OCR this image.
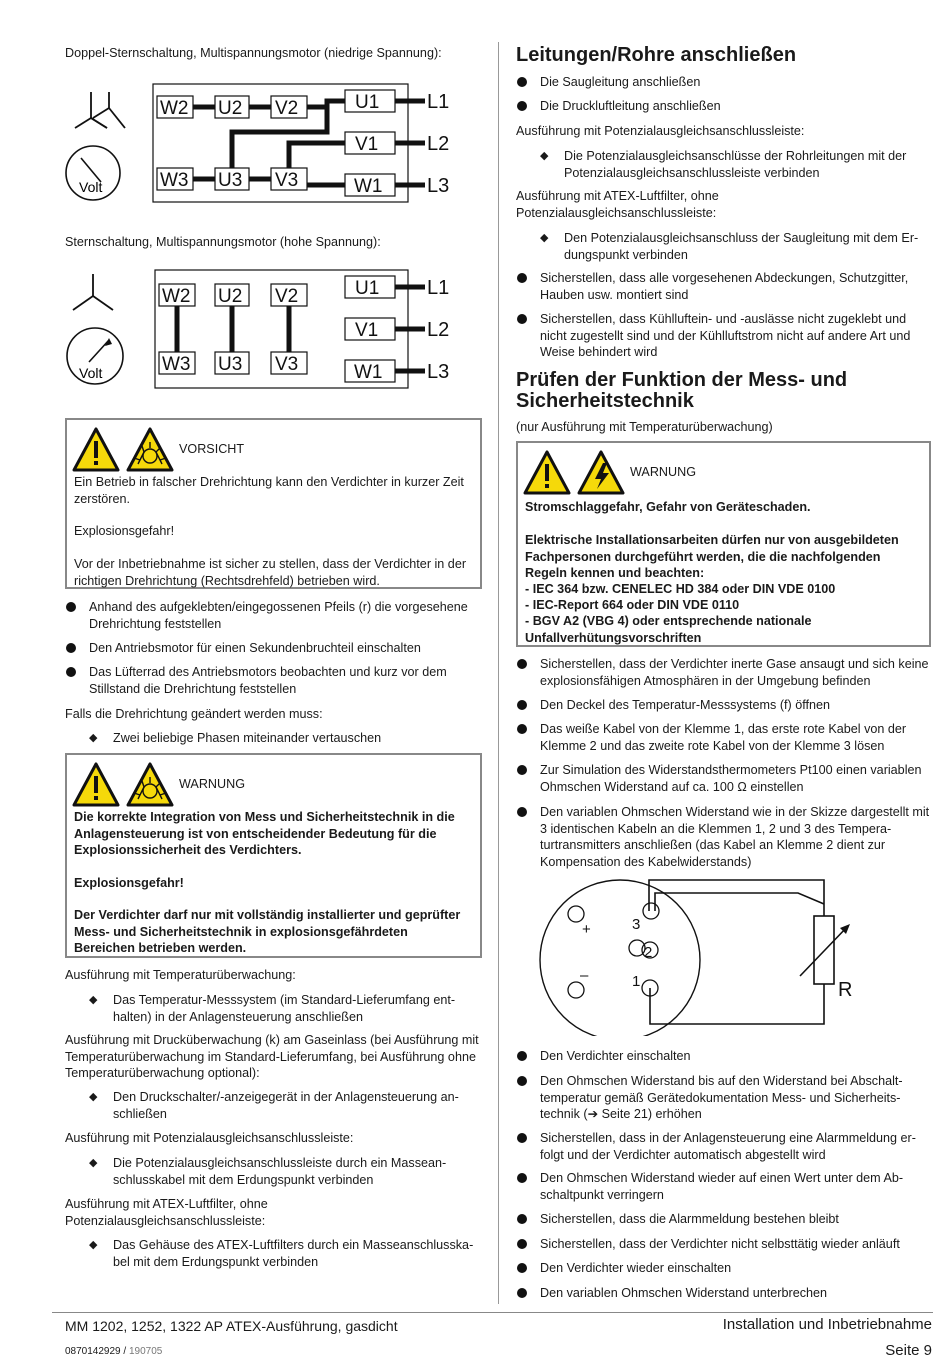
Doppel-Sternschaltung, Multispannungsmotor (niedrige Spannung):

Volt
W2 U2 V2	U1
V1
W3 U3 V3	W1
L1
L2
L3

Sternschaltung, Multispannungsmotor (hohe Spannung):

Volt
W2 U2 V2	U1
V1
W3 U3 V3	W1
L1
L2
L3
VORSICHT

Ein Betrieb in falscher Drehrichtung kann den Verdichter in kurzer Zeit zerstören.

Explosionsgefahr!

Vor der Inbetriebnahme ist sicher zu stellen, dass der Verdichter in der richtigen Drehrichtung (Rechtsdrehfeld) betrieben wird.

Anhand des aufgeklebten/eingegossenen Pfeils (r) die vorgesehene Drehrichtung feststellen
Den Antriebsmotor für einen Sekundenbruchteil einschalten
Das Lüfterrad des Antriebsmotors beobachten und kurz vor dem Stillstand die Drehrichtung feststellen

Falls die Drehrichtung geändert werden muss:

◆ Zwei beliebige Phasen miteinander vertauschen
WARNUNG

Die korrekte Integration von Mess und Sicherheitstechnik in die Anlagensteuerung ist von entscheidender Bedeutung für die Explosionssicherheit des Verdichters.

Explosionsgefahr!

Der Verdichter darf nur mit vollständig installierter und geprüfter Mess- und Sicherheitstechnik in explosionsgefährdeten Bereichen betrieben werden.

Ausführung mit Temperaturüberwachung:

◆ Das Temperatur-Messsystem (im Standard-Lieferumfang enthalten) in der Anlagensteuerung anschließen

Ausführung mit Drucküberwachung (k) am Gaseinlass (bei Ausführung mit Temperaturüberwachung im Standard-Lieferumfang, bei Ausführung ohne Temperaturüberwachung optional):

◆ Den Druckschalter/-anzeigegerät in der Anlagensteuerung anschließen

Ausführung mit Potenzialausgleichsanschlussleiste:

◆ Die Potenzialausgleichsanschlussleiste durch ein Masseanschlusskabel mit dem Erdungspunkt verbinden

Ausführung mit ATEX-Luftfilter, ohne Potenzialausgleichsanschlussleiste:

◆ Das Gehäuse des ATEX-Luftfilters durch ein Masseanschlusskabel mit dem Erdungspunkt verbinden
Leitungen/Rohre anschließen
Die Saugleitung anschließen
Die Druckluftleitung anschließen

Ausführung mit Potenzialausgleichsanschlussleiste:

◆ Die Potenzialausgleichsanschlüsse der Rohrleitungen mit der Potenzialausgleichsanschlussleiste verbinden

Ausführung mit ATEX-Luftfilter, ohne Potenzialausgleichsanschlussleiste:

◆ Den Potenzialausgleichsanschluss der Saugleitung mit dem Erdungspunkt verbinden
Sicherstellen, dass alle vorgesehenen Abdeckungen, Schutzgitter, Hauben usw. montiert sind
Sicherstellen, dass Kühlluftein- und -auslässe nicht zugeklebt und nicht zugestellt sind und der Kühlluftstrom nicht auf andere Art und Weise behindert wird
Prüfen der Funktion der Mess- und Sicherheitstechnik

(nur Ausführung mit Temperaturüberwachung)

WARNUNG

Stromschlaggefahr, Gefahr von Geräteschaden.

Elektrische Installationsarbeiten dürfen nur von ausgebildeten Fachpersonen durchgeführt werden, die die nachfolgenden Regeln kennen und beachten:

- IEC 364 bzw. CENELEC HD 384 oder DIN VDE 0100

- IEC-Report 664 oder DIN VDE 0110

- BGV A2 (VBG 4) oder entsprechende nationale Unfallverhütungsvorschriften

Sicherstellen, dass der Verdichter inerte Gase ansaugt und sich keine explosionsfähigen Atmosphären in der Umgebung befinden
Den Deckel des Temperatur-Messsystems (f) öffnen
Das weiße Kabel von der Klemme 1, das erste rote Kabel von der Klemme 2 und das zweite rote Kabel von der Klemme 3 lösen
Zur Simulation des Widerstandsthermometers Pt100 einen variablen Ohmschen Widerstand auf ca. 100 Ω einstellen
Den variablen Ohmschen Widerstand wie in der Skizze dargestellt mit 3 identischen Kabeln an die Klemmen 1, 2 und 3 des Temperaturtransmitters anschließen (das Kabel an Klemme 2 dient zur Kompensation des Kabelwiderstands)
3
2
1
+
–
R
Den Verdichter einschalten
Den Ohmschen Widerstand bis auf den Widerstand bei Abschalttemperatur gemäß Gerätedokumentation Mess- und Sicherheitstechnik (➔ Seite 21) erhöhen
Sicherstellen, dass in der Anlagensteuerung eine Alarmmeldung erfolgt und der Verdichter automatisch abgestellt wird
Den Ohmschen Widerstand wieder auf einen Wert unter dem Abschaltpunkt verringern
Sicherstellen, dass die Alarmmeldung bestehen bleibt
Sicherstellen, dass der Verdichter nicht selbsttätig wieder anläuft
Den Verdichter wieder einschalten
Den variablen Ohmschen Widerstand unterbrechen
MM 1202, 1252, 1322 AP ATEX-Ausführung, gasdicht
0870142929 / 190705
Installation und Inbetriebnahme
Seite 9
